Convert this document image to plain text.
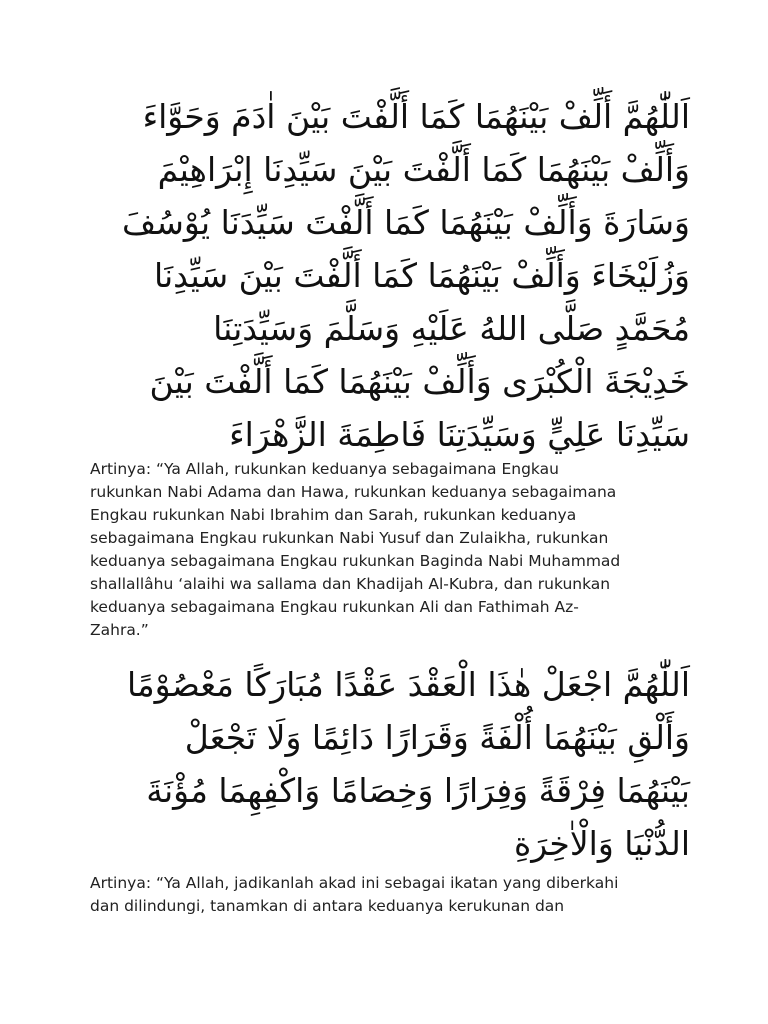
اَللّٰهُمَّ أَلِّفْ بَيْنَهُمَا كَمَا أَلَّفْتَ بَيْنَ اٰدَمَ وَحَوَّاءَ
وَأَلِّفْ بَيْنَهُمَا كَمَا أَلَّفْتَ بَيْنَ سَيِّدِنَا إِبْرَاهِيْمَ
وَسَارَةَ وَأَلِّفْ بَيْنَهُمَا كَمَا أَلَّفْتَ سَيِّدَنَا يُوْسُفَ
وَزُلَيْخَاءَ وَأَلِّفْ بَيْنَهُمَا كَمَا أَلَّفْتَ بَيْنَ سَيِّدِنَا
مُحَمَّدٍ صَلَّى اللهُ عَلَيْهِ وَسَلَّمَ وَسَيِّدَتِنَا
خَدِيْجَةَ الْكُبْرَى وَأَلِّفْ بَيْنَهُمَا كَمَا أَلَّفْتَ بَيْنَ
سَيِّدِنَا عَلِيٍّ وَسَيِّدَتِنَا فَاطِمَةَ الزَّهْرَاءَ
Artinya: “Ya Allah, rukunkan keduanya sebagaimana Engkau
rukunkan Nabi Adama dan Hawa, rukunkan keduanya sebagaimana
Engkau rukunkan Nabi Ibrahim dan Sarah, rukunkan keduanya
sebagaimana Engkau rukunkan Nabi Yusuf dan Zulaikha, rukunkan
keduanya sebagaimana Engkau rukunkan Baginda Nabi Muhammad
shallallâhu ‘alaihi wa sallama dan Khadijah Al-Kubra, dan rukunkan
keduanya sebagaimana Engkau rukunkan Ali dan Fathimah Az-
Zahra.”
اَللّٰهُمَّ اجْعَلْ هٰذَا الْعَقْدَ عَقْدًا مُبَارَكًا مَعْصُوْمًا
وَأَلْقِ بَيْنَهُمَا أُلْفَةً وَقَرَارًا دَائِمًا وَلَا تَجْعَلْ
بَيْنَهُمَا فِرْقَةً وَفِرَارًا وَخِصَامًا وَاكْفِهِمَا مُؤْنَةَ
الدُّنْيَا وَالْاٰخِرَةِ
Artinya: “Ya Allah, jadikanlah akad ini sebagai ikatan yang diberkahi
dan dilindungi, tanamkan di antara keduanya kerukunan dan
